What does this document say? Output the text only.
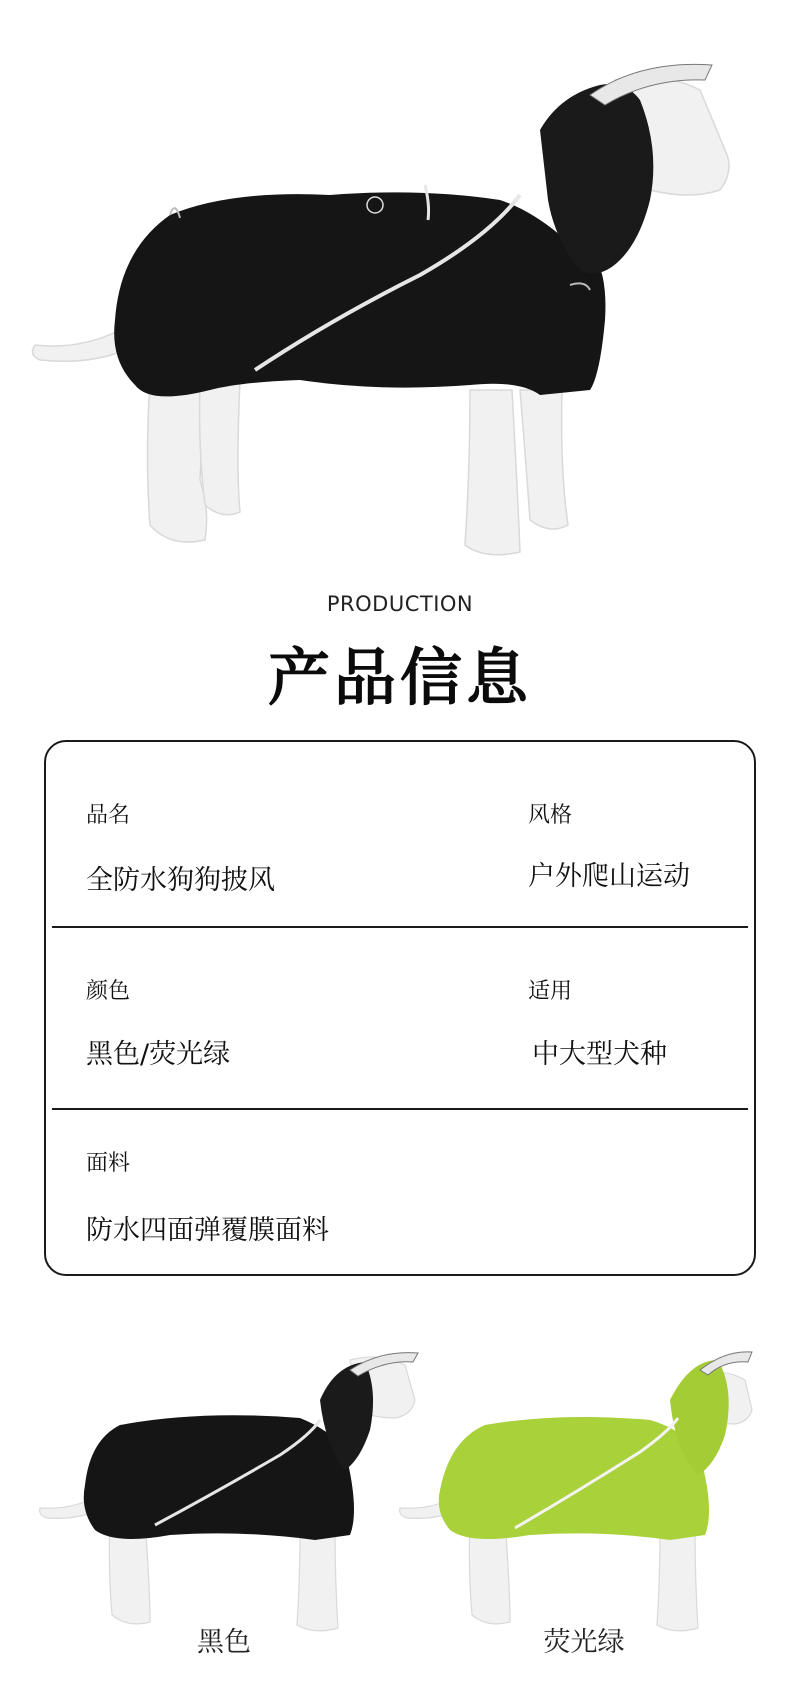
PRODUCTION
产品信息
品名
全防水狗狗披风
风格
户外爬山运动
颜色
黑色/荧光绿
适用
中大型犬种
面料
防水四面弹覆膜面料
黑色	荧光绿
